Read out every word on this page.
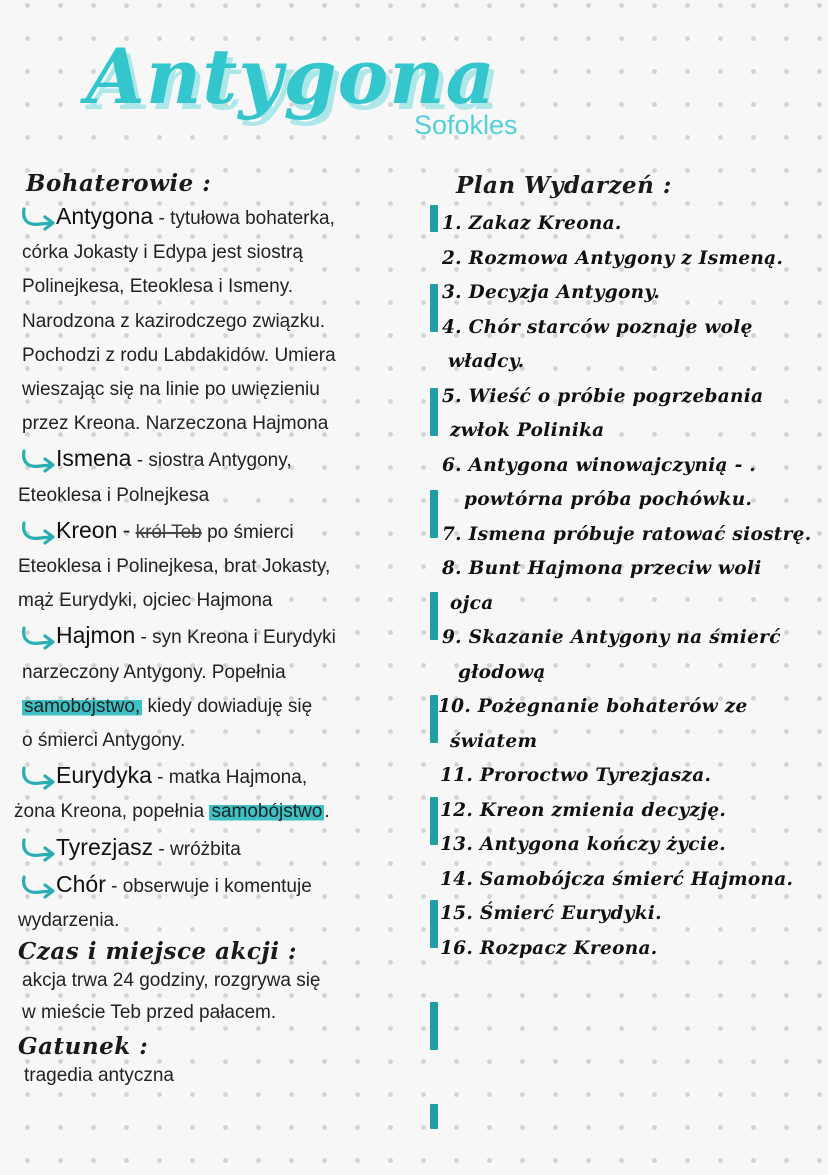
Antygona
Sofokles
Bohaterowie :
Antygona - tytułowa bohaterka,
córka Jokasty i Edypa jest siostrą
Polinejkesa, Eteoklesa i Ismeny.
Narodzona z kazirodczego związku.
Pochodzi z rodu Labdakidów. Umiera
wieszając się na linie po uwięzieniu
przez Kreona. Narzeczona Hajmona
Ismena - siostra Antygony,
Eteoklesa i Polnejkesa
Kreon - król Teb po śmierci
Eteoklesa i Polinejkesa, brat Jokasty,
mąż Eurydyki, ojciec Hajmona
Hajmon - syn Kreona i Eurydyki
narzeczony Antygony. Popełnia
samobójstwo, kiedy dowiaduję się
o śmierci Antygony.
Eurydyka - matka Hajmona,
żona Kreona, popełnia samobójstwo .
Tyrezjasz - wróżbita
Chór - obserwuje i komentuje
wydarzenia.
Czas i miejsce akcji :
akcja trwa 24 godziny, rozgrywa się
w mieście Teb przed pałacem.
Gatunek :
tragedia antyczna
Plan Wydarzeń :
1. Zakaz Kreona.
2. Rozmowa Antygony z Ismeną.
3. Decyzja Antygony.
4. Chór starców poznaje wolę
władcy.
5. Wieść o próbie pogrzebania
zwłok Polinika
6. Antygona winowajczynią - .
powtórna próba pochówku.
7. Ismena próbuje ratować siostrę.
8. Bunt Hajmona przeciw woli
ojca
9. Skazanie Antygony na śmierć
głodową
10. Pożegnanie bohaterów ze
światem
11. Proroctwo Tyrezjasza.
12. Kreon zmienia decyzję.
13. Antygona kończy życie.
14. Samobójcza śmierć Hajmona.
15. Śmierć Eurydyki.
16. Rozpacz Kreona.
